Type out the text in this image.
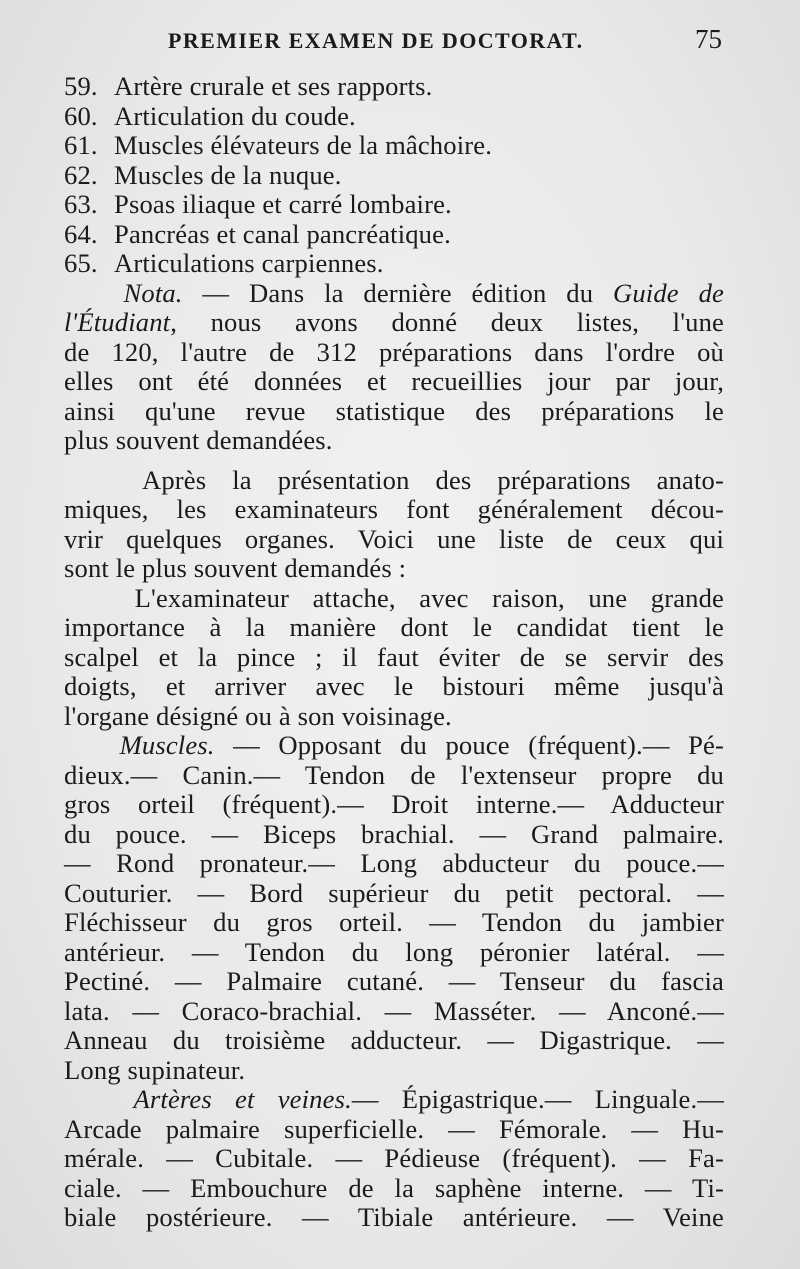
PREMIER EXAMEN DE DOCTORAT.	75
59. Artère crurale et ses rapports.
60. Articulation du coude.
61. Muscles élévateurs de la mâchoire.
62. Muscles de la nuque.
63. Psoas iliaque et carré lombaire.
64. Pancréas et canal pancréatique.
65. Articulations carpiennes.
Nota. — Dans la dernière édition du Guide de
l'Étudiant, nous avons donné deux listes, l'une
de 120, l'autre de 312 préparations dans l'ordre où
elles ont été données et recueillies jour par jour,
ainsi qu'une revue statistique des préparations le
plus souvent demandées.
Après la présentation des préparations anato-
miques, les examinateurs font généralement décou-
vrir quelques organes. Voici une liste de ceux qui
sont le plus souvent demandés :
L'examinateur attache, avec raison, une grande
importance à la manière dont le candidat tient le
scalpel et la pince ; il faut éviter de se servir des
doigts, et arriver avec le bistouri même jusqu'à
l'organe désigné ou à son voisinage.
Muscles. — Opposant du pouce (fréquent).— Pé-
dieux.— Canin.— Tendon de l'extenseur propre du
gros orteil (fréquent).— Droit interne.— Adducteur
du pouce. — Biceps brachial. — Grand palmaire.
— Rond pronateur.— Long abducteur du pouce.—
Couturier. — Bord supérieur du petit pectoral. —
Fléchisseur du gros orteil. — Tendon du jambier
antérieur. — Tendon du long péronier latéral. —
Pectiné. — Palmaire cutané. — Tenseur du fascia
lata. — Coraco-brachial. — Masséter. — Anconé.—
Anneau du troisième adducteur. — Digastrique. —
Long supinateur.
Artères et veines.— Épigastrique.— Linguale.—
Arcade palmaire superficielle. — Fémorale. — Hu-
mérale. — Cubitale. — Pédieuse (fréquent). — Fa-
ciale. — Embouchure de la saphène interne. — Ti-
biale postérieure. — Tibiale antérieure. — Veine
